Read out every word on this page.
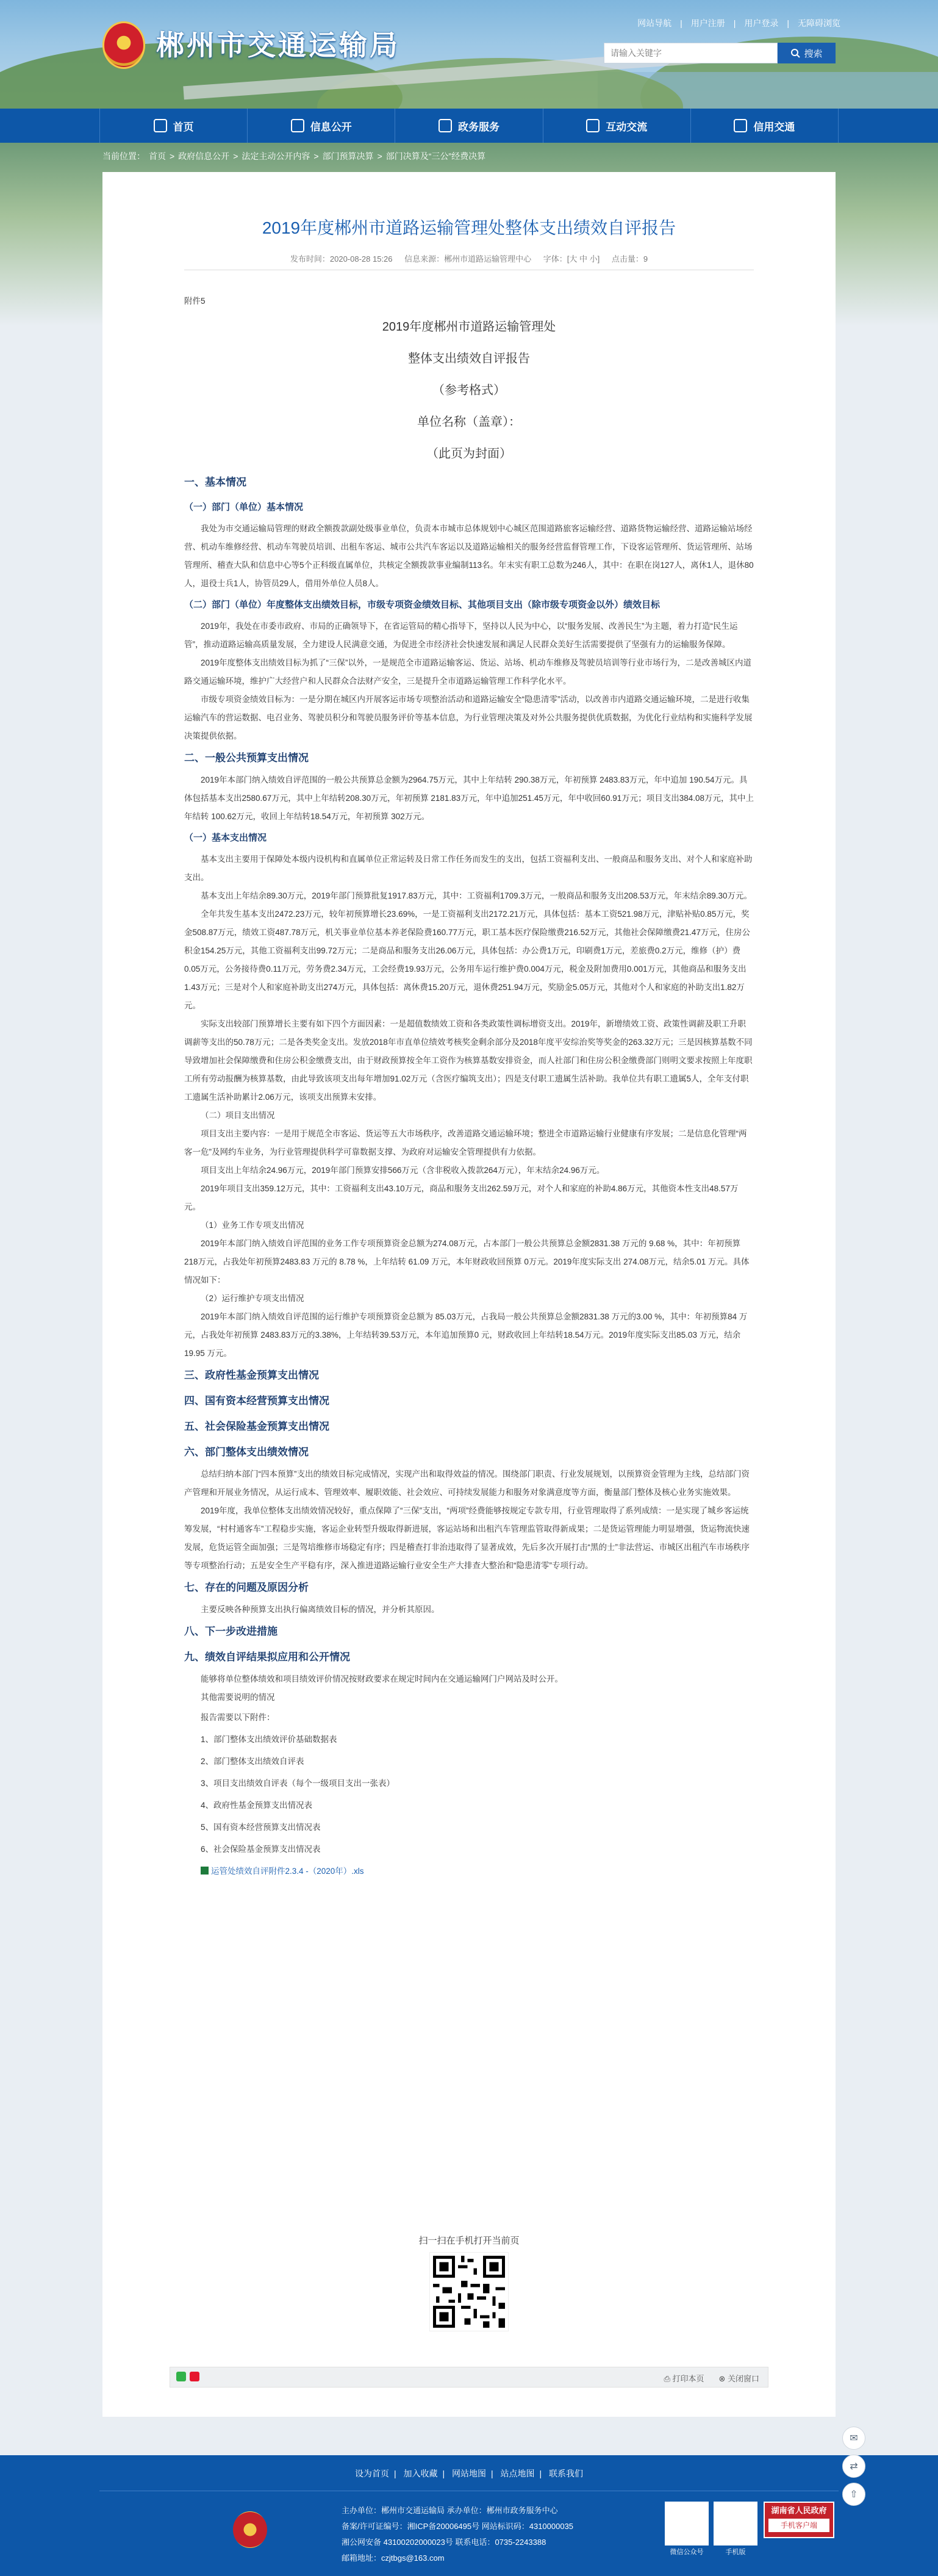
网站导航 | 用户注册 | 用户登录 | 无障碍浏览
郴州市交通运输局
请输入关键字	搜索
首页	信息公开	政务服务	互动交流	信用交通
当前位置： 首页 > 政府信息公开 > 法定主动公开内容 > 部门预算决算 > 部门决算及“三公”经费决算
2019年度郴州市道路运输管理处整体支出绩效自评报告
发布时间：2020-08-28 15:26 信息来源：郴州市道路运输管理中心 字体：[大 中 小] 点击量：9

附件5

2019年度郴州市道路运输管理处

整体支出绩效自评报告

（参考格式）

单位名称（盖章）：

（此页为封面）

一、基本情况

（一）部门（单位）基本情况

我处为市交通运输局管理的财政全额拨款副处级事业单位，负责本市城市总体规划中心城区范围道路旅客运输经营、道路货物运输经营、道路运输站场经营、机动车维修经营、机动车驾驶员培训、出租车客运、城市公共汽车客运以及道路运输相关的服务经营监督管理工作，下设客运管理所、货运管理所、站场管理所、稽查大队和信息中心等5个正科级直属单位，共核定全额拨款事业编制113名。年末实有职工总数为246人，其中：在职在岗127人，离休1人，退休80人，退役士兵1人，协管员29人，借用外单位人员8人。

（二）部门（单位）年度整体支出绩效目标，市级专项资金绩效目标、其他项目支出（除市级专项资金以外）绩效目标

2019年，我处在市委市政府、市局的正确领导下，在省运管局的精心指导下，坚持以人民为中心，以“服务发展、改善民生”为主题，着力打造“民生运管”，推动道路运输高质量发展，全力建设人民满意交通，为促进全市经济社会快速发展和满足人民群众美好生活需要提供了坚强有力的运输服务保障。

2019年度整体支出绩效目标为抓了“三保”以外，一是规范全市道路运输客运、货运、站场、机动车维修及驾驶员培训等行业市场行为，二是改善城区内道路交通运输环境，维护广大经营户和人民群众合法财产安全，三是提升全市道路运输管理工作科学化水平。

市级专项资金绩效目标为：一是分期在城区内开展客运市场专项整治活动和道路运输安全“隐患清零”活动，以改善市内道路交通运输环境，二是进行收集运输汽车的营运数据、电召业务、驾驶员积分和驾驶员服务评价等基本信息，为行业管理决策及对外公共服务提供优质数据，为优化行业结构和实施科学发展决策提供依据。

二、一般公共预算支出情况

2019年本部门纳入绩效自评范围的一般公共预算总金额为2964.75万元，其中上年结转 290.38万元，年初预算 2483.83万元，年中追加 190.54万元。具体包括基本支出2580.67万元，其中上年结转208.30万元，年初预算 2181.83万元，年中追加251.45万元，年中收回60.91万元；项目支出384.08万元，其中上年结转 100.62万元，收回上年结转18.54万元，年初预算 302万元。

（一）基本支出情况

基本支出主要用于保障处本级内设机构和直属单位正常运转及日常工作任务而发生的支出，包括工资福利支出、一般商品和服务支出、对个人和家庭补助支出。

基本支出上年结余89.30万元，2019年部门预算批复1917.83万元，其中：工资福利1709.3万元，一般商品和服务支出208.53万元，年末结余89.30万元。

全年共发生基本支出2472.23万元，较年初预算增长23.69%，一是工资福利支出2172.21万元，具体包括：基本工资521.98万元，津贴补贴0.85万元，奖金508.87万元，绩效工资487.78万元，机关事业单位基本养老保险费160.77万元，职工基本医疗保险缴费216.52万元，其他社会保障缴费21.47万元，住房公积金154.25万元，其他工资福利支出99.72万元；二是商品和服务支出26.06万元，具体包括：办公费1万元，印刷费1万元，差旅费0.2万元，维修（护）费0.05万元，公务接待费0.11万元，劳务费2.34万元，工会经费19.93万元，公务用车运行维护费0.004万元，税金及附加费用0.001万元，其他商品和服务支出1.43万元；三是对个人和家庭补助支出274万元，具体包括：离休费15.20万元，退休费251.94万元，奖励金5.05万元，其他对个人和家庭的补助支出1.82万元。

实际支出较部门预算增长主要有如下四个方面因素：一是超值数绩效工资和各类政策性调标增资支出。2019年，新增绩效工资、政策性调薪及职工升职调薪等支出的50.78万元；二是各类奖金支出。发放2018年市直单位绩效考核奖金剩余部分及2018年度平安综治奖等奖金的263.32万元；三是因核算基数不同导致增加社会保障缴费和住房公积金缴费支出，由于财政预算按全年工资作为核算基数安排资金，而人社部门和住房公积金缴费部门则明文要求按照上年度职工所有劳动报酬为核算基数，由此导致该项支出每年增加91.02万元（含医疗编筑支出）；四是支付职工遗属生活补助。我单位共有职工遗属5人，全年支付职工遗属生活补助累计2.06万元，该项支出预算未安排。

（二）项目支出情况

项目支出主要内容：一是用于规范全市客运、货运等五大市场秩序，改善道路交通运输环境；整进全市道路运输行业健康有序发展；二是信息化管理“两客一危”及网约车业务，为行业管理提供科学可靠数据支撑、为政府对运输安全管理提供有力依据。

项目支出上年结余24.96万元，2019年部门预算安排566万元（含非税收入拨款264万元），年末结余24.96万元。

2019年项目支出359.12万元，其中：工资福利支出43.10万元，商品和服务支出262.59万元，对个人和家庭的补助4.86万元，其他资本性支出48.57万元。

（1）业务工作专项支出情况

2019年本部门纳入绩效自评范围的业务工作专项预算资金总额为274.08万元，占本部门一般公共预算总金额2831.38 万元的 9.68 %，其中：年初预算 218万元，占我处年初预算2483.83 万元的 8.78 %，上年结转 61.09 万元，本年财政收回预算 0万元。2019年度实际支出 274.08万元，结余5.01 万元。具体情况如下：

（2）运行维护专项支出情况

2019年本部门纳入绩效自评范围的运行维护专项预算资金总额为 85.03万元，占我局一般公共预算总金额2831.38 万元的3.00 %，其中：年初预算84 万元，占我处年初预算 2483.83万元的3.38%，上年结转39.53万元，本年追加预算0 元，财政收回上年结转18.54万元。2019年度实际支出85.03 万元，结余19.95 万元。

三、政府性基金预算支出情况

四、国有资本经营预算支出情况

五、社会保险基金预算支出情况

六、部门整体支出绩效情况

总结归纳本部门“四本预算”支出的绩效目标完成情况，实现产出和取得效益的情况。围绕部门职责、行业发展规划，以预算资金管理为主线，总结部门资产管理和开展业务情况，从运行成本、管理效率、履职效能、社会效应、可持续发展能力和服务对象满意度等方面，衡量部门整体及核心业务实施效果。

2019年度，我单位整体支出绩效情况较好，重点保障了“三保”支出，“两项”经费能够按规定专款专用，行业管理取得了系列成绩：一是实现了城乡客运统筹发展，“村村通客车”工程稳步实施，客运企业转型升级取得新进展，客运站场和出租汽车管理监管取得新成果；二是货运管理能力明显增强，货运物流快速发展，危货运管全面加强；三是驾培维修市场稳定有序；四是稽查打非治违取得了显著成效，先后多次开展打击“黑的士”非法营运、市城区出租汽车市场秩序等专项整治行动；五是安全生产平稳有序，深入推进道路运输行业安全生产大排查大整治和“隐患清零”专项行动。

七、存在的问题及原因分析

主要反映各种预算支出执行偏离绩效目标的情况，并分析其原因。

八、下一步改进措施

九、绩效自评结果拟应用和公开情况

能够将单位整体绩效和项目绩效评价情况按财政要求在规定时间内在交通运输网门户网站及时公开。

其他需要说明的情况

报告需要以下附件：

1、部门整体支出绩效评价基础数据表

2、部门整体支出绩效自评表

3、项目支出绩效自评表（每个一级项目支出一张表）

4、政府性基金预算支出情况表

5、国有资本经营预算支出情况表

6、社会保险基金预算支出情况表

运管处绩效自评附件2.3.4 -（2020年）.xls

扫一扫在手机打开当前页
⎙ 打印本页 ⊗ 关闭窗口
设为首页 | 加入收藏 | 网站地图 | 站点地图 | 联系我们

主办单位：郴州市交通运输局 承办单位：郴州市政务服务中心

备案/许可证编号：湘ICP备20006495号 网站标识码：4310000035

湘公网安备 43100202000023号 联系电话：0735-2243388

邮箱地址：czjtbgs@163.com

微信公众号	手机版
湖南省人民政府
手机客户端
✉
⇄
⇧
